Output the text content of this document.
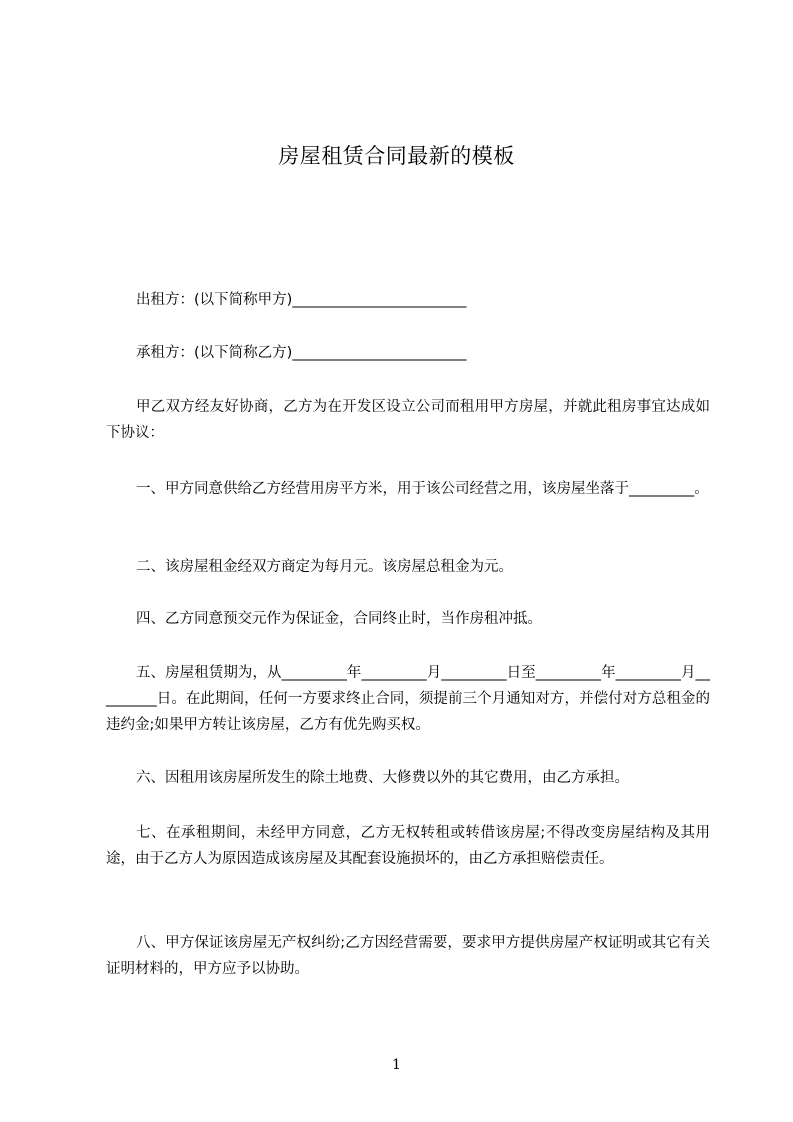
房屋租赁合同最新的模板

出租方：(以下简称甲方)________________________

承租方：(以下简称乙方)________________________

甲乙双方经友好协商，乙方为在开发区设立公司而租用甲方房屋，并就此租房事宜达成如下协议：

一、甲方同意供给乙方经营用房平方米，用于该公司经营之用，该房屋坐落于_________。

二、该房屋租金经双方商定为每月元。该房屋总租金为元。

四、乙方同意预交元作为保证金，合同终止时，当作房租冲抵。

五、房屋租赁期为，从_________年_________月_________日至_________年_________月_________日。在此期间，任何一方要求终止合同，须提前三个月通知对方，并偿付对方总租金的违约金;如果甲方转让该房屋，乙方有优先购买权。

六、因租用该房屋所发生的除土地费、大修费以外的其它费用，由乙方承担。

七、在承租期间，未经甲方同意，乙方无权转租或转借该房屋;不得改变房屋结构及其用途，由于乙方人为原因造成该房屋及其配套设施损坏的，由乙方承担赔偿责任。

八、甲方保证该房屋无产权纠纷;乙方因经营需要，要求甲方提供房屋产权证明或其它有关证明材料的，甲方应予以协助。

1
